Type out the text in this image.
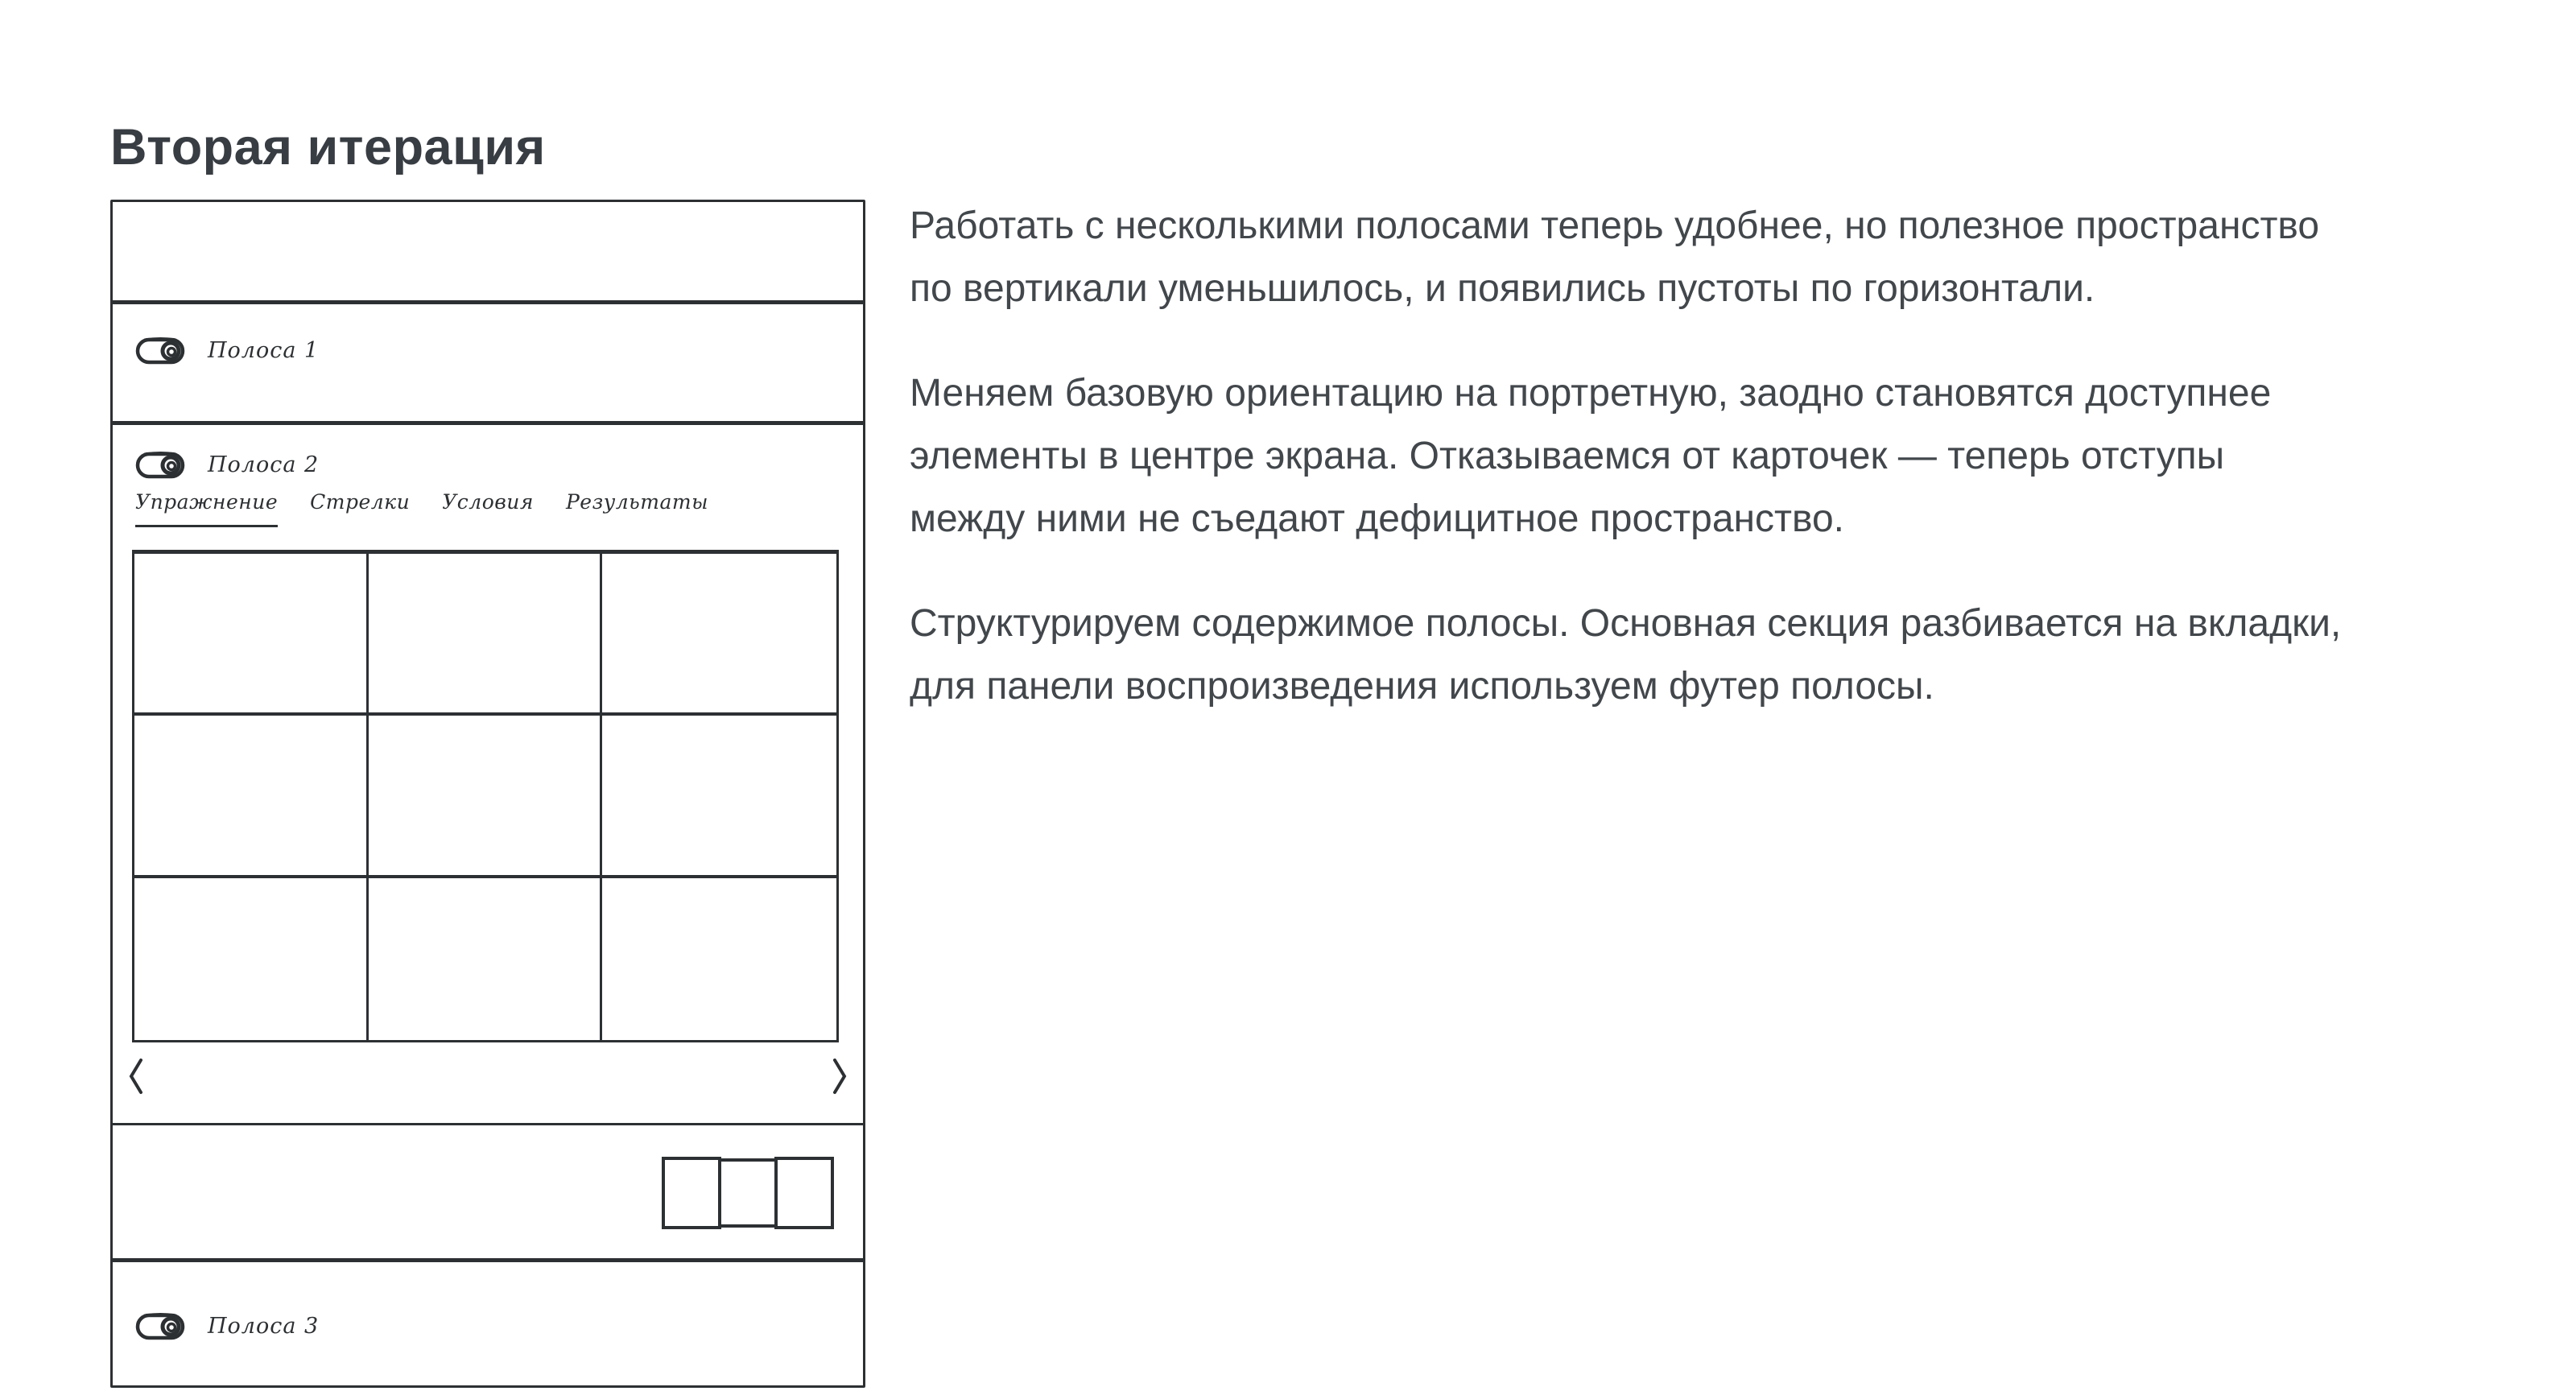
Вторая итерация
Полоса 1
Полоса 2
Упражнение Стрелки Условия Результаты
Полоса 3
Работать с несколькими полосами теперь удобнее, но полезное пространство
по вертикали уменьшилось, и появились пустоты по горизонтали.
Меняем базовую ориентацию на портретную, заодно становятся доступнее
элементы в центре экрана. Отказываемся от карточек — теперь отступы
между ними не съедают дефицитное пространство.
Структурируем содержимое полосы. Основная секция разбивается на вкладки,
для панели воспроизведения используем футер полосы.
